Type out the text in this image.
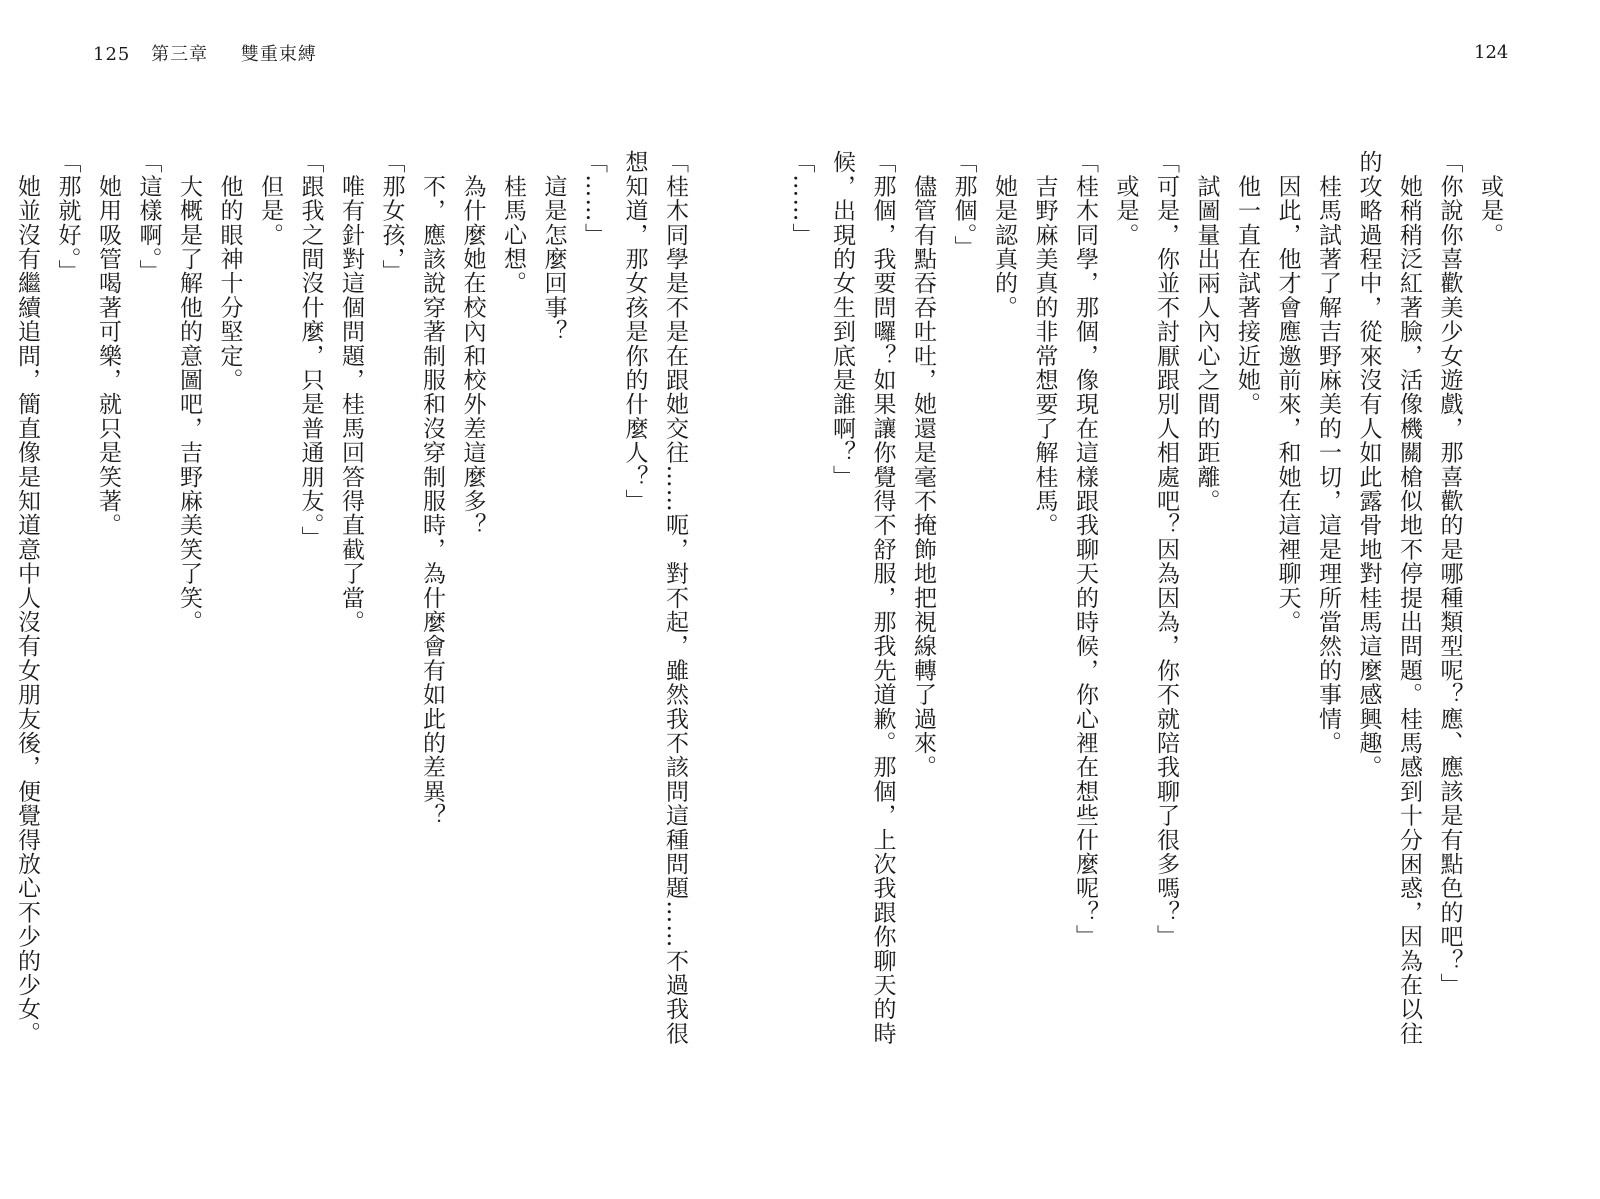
125 第三章 雙重束縛	124

　或是。

「你說你喜歡美少女遊戲，那喜歡的是哪種類型呢？應、應該是有點色的吧？」

　她稍稍泛紅著臉，活像機關槍似地不停提出問題。桂馬感到十分困惑，因為在以往的攻略過程中，從來沒有人如此露骨地對桂馬這麼感興趣。

　桂馬試著了解吉野麻美的一切，這是理所當然的事情。

　因此，他才會應邀前來，和她在這裡聊天。

　他一直在試著接近她。

　試圖量出兩人內心之間的距離。

「可是，你並不討厭跟別人相處吧？因為因為，你不就陪我聊了很多嗎？」

　或是。

「桂木同學，那個，像現在這樣跟我聊天的時候，你心裡在想些什麼呢？」

　吉野麻美真的非常想要了解桂馬。

　她是認真的。

「那個。」

　儘管有點吞吞吐吐，她還是毫不掩飾地把視線轉了過來。

「那個，我要問囉？如果讓你覺得不舒服，那我先道歉。那個，上次我跟你聊天的時候，出現的女生到底是誰啊？」

「……」

「桂木同學是不是在跟她交往……呃，對不起，雖然我不該問這種問題……不過我很想知道，那女孩是你的什麼人？」

「……」

　這是怎麼回事？

　桂馬心想。

　為什麼她在校內和校外差這麼多？

　不，應該說穿著制服和沒穿制服時，為什麼會有如此的差異？

「那女孩，」

　唯有針對這個問題，桂馬回答得直截了當。

「跟我之間沒什麼，只是普通朋友。」

　但是。

　他的眼神十分堅定。

　大概是了解他的意圖吧，吉野麻美笑了笑。

「這樣啊。」

　她用吸管喝著可樂，就只是笑著。

「那就好。」

　她並沒有繼續追問，簡直像是知道意中人沒有女朋友後，便覺得放心不少的少女。
